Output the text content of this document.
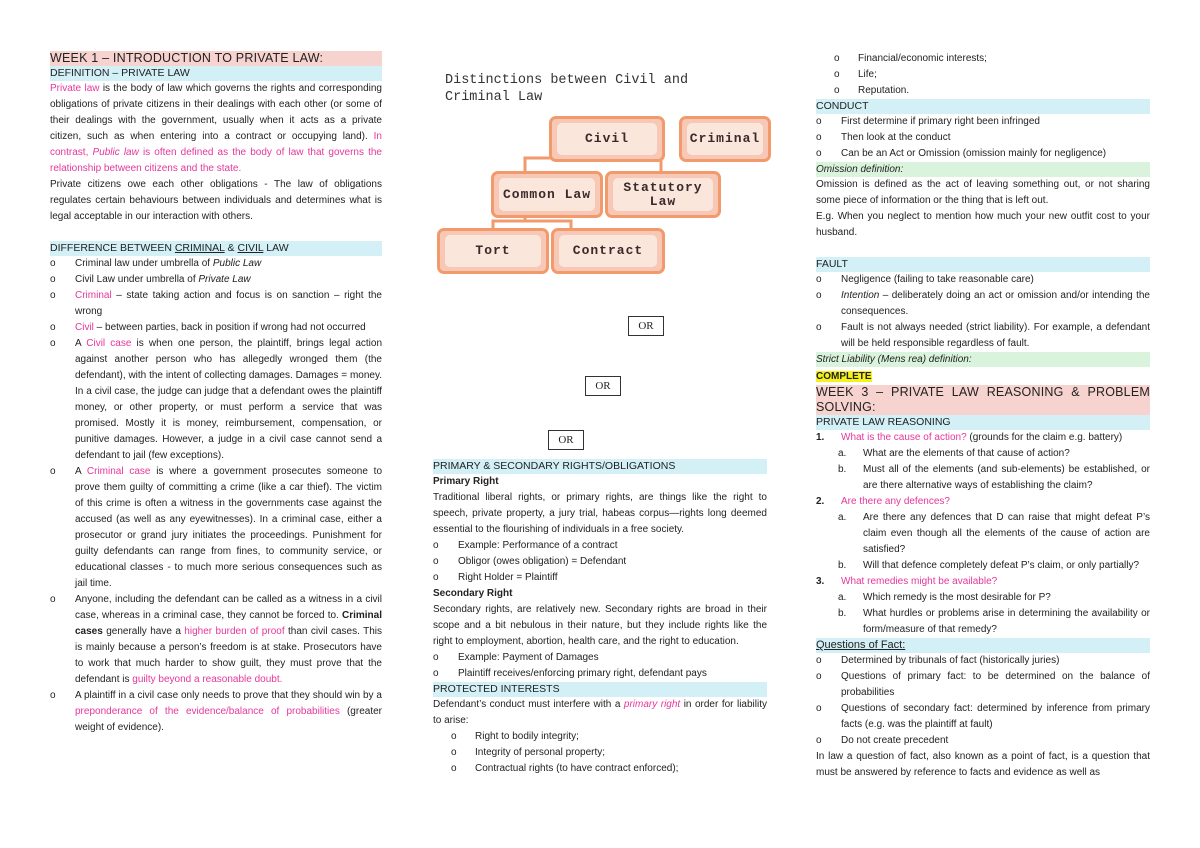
WEEK 1 – INTRODUCTION TO PRIVATE LAW:
DEFINITION – PRIVATE LAW

Private law is the body of law which governs the rights and corresponding obligations of private citizens in their dealings with each other (or some of their dealings with the government, usually when it acts as a private citizen, such as when entering into a contract or occupying land). In contrast, Public law is often defined as the body of law that governs the relationship between citizens and the state.

Private citizens owe each other obligations - The law of obligations regulates certain behaviours between individuals and determines what is legal acceptable in our interaction with others.

DIFFERENCE BETWEEN CRIMINAL & CIVIL LAW
o Criminal law under umbrella of Public Law
o Civil Law under umbrella of Private Law
o Criminal – state taking action and focus is on sanction – right the wrong
o Civil – between parties, back in position if wrong had not occurred
o A Civil case is when one person, the plaintiff, brings legal action against another person who has allegedly wronged them (the defendant), with the intent of collecting damages. Damages = money. In a civil case, the judge can judge that a defendant owes the plaintiff money, or other property, or must perform a service that was promised. Mostly it is money, reimbursement, compensation, or punitive damages. However, a judge in a civil case cannot send a defendant to jail (few exceptions).
o A Criminal case is where a government prosecutes someone to prove them guilty of committing a crime (like a car thief). The victim of this crime is often a witness in the governments case against the accused (as well as any eyewitnesses). In a criminal case, either a prosecutor or grand jury initiates the proceedings. Punishment for guilty defendants can range from fines, to community service, or educational classes - to much more serious consequences such as jail time.
o Anyone, including the defendant can be called as a witness in a civil case, whereas in a criminal case, they cannot be forced to. Criminal cases generally have a higher burden of proof than civil cases. This is mainly because a person’s freedom is at stake. Prosecutors have to work that much harder to show guilt, they must prove that the defendant is guilty beyond a reasonable doubt.
o A plaintiff in a civil case only needs to prove that they should win by a preponderance of the evidence/balance of probabilities (greater weight of evidence).
Distinctions between Civil and
Criminal Law
Civil	Criminal
Common Law	Statutory Law
Tort	Contract
OR
OR
OR
PRIMARY & SECONDARY RIGHTS/OBLIGATIONS
Primary Right

Traditional liberal rights, or primary rights, are things like the right to speech, private property, a jury trial, habeas corpus—rights long deemed essential to the flourishing of individuals in a free society.

o Example: Performance of a contract
o Obligor (owes obligation) = Defendant
o Right Holder = Plaintiff
Secondary Right

Secondary rights, are relatively new. Secondary rights are broad in their scope and a bit nebulous in their nature, but they include rights like the right to employment, abortion, health care, and the right to education.

o Example: Payment of Damages
o Plaintiff receives/enforcing primary right, defendant pays
PROTECTED INTERESTS

Defendant’s conduct must interfere with a primary right in order for liability to arise:

o Right to bodily integrity;
o Integrity of personal property;
o Contractual rights (to have contract enforced);
o Financial/economic interests;
o Life;
o Reputation.
CONDUCT
o First determine if primary right been infringed
o Then look at the conduct
o Can be an Act or Omission (omission mainly for negligence)
Omission definition:

Omission is defined as the act of leaving something out, or not sharing some piece of information or the thing that is left out.

E.g. When you neglect to mention how much your new outfit cost to your husband.

FAULT
o Negligence (failing to take reasonable care)
o Intention – deliberately doing an act or omission and/or intending the consequences.
o Fault is not always needed (strict liability). For example, a defendant will be held responsible regardless of fault.
Strict Liability (Mens rea) definition:
COMPLETE
WEEK 3 – PRIVATE LAW REASONING & PROBLEM SOLVING:
PRIVATE LAW REASONING
1. What is the cause of action? (grounds for the claim e.g. battery)
a. What are the elements of that cause of action?
b. Must all of the elements (and sub-elements) be established, or are there alternative ways of establishing the claim?
2. Are there any defences?
a. Are there any defences that D can raise that might defeat P’s claim even though all the elements of the cause of action are satisfied?
b. Will that defence completely defeat P’s claim, or only partially?
3. What remedies might be available?
a. Which remedy is the most desirable for P?
b. What hurdles or problems arise in determining the availability or form/measure of that remedy?
Questions of Fact:
o Determined by tribunals of fact (historically juries)
o Questions of primary fact: to be determined on the balance of probabilities
o Questions of secondary fact: determined by inference from primary facts (e.g. was the plaintiff at fault)
o Do not create precedent

In law a question of fact, also known as a point of fact, is a question that must be answered by reference to facts and evidence as well as
